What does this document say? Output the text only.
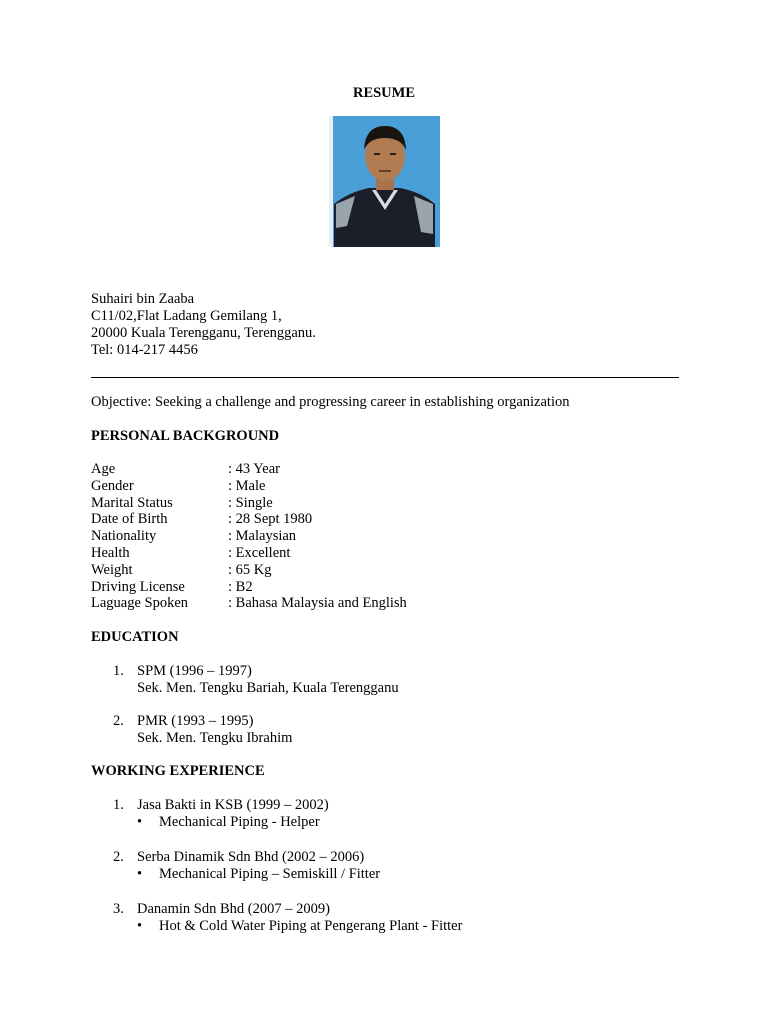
RESUME
Suhairi bin Zaaba
C11/02,Flat Ladang Gemilang 1,
20000 Kuala Terengganu, Terengganu.
Tel: 014-217 4456
Objective: Seeking a challenge and progressing career in establishing organization
PERSONAL BACKGROUND
Age	: 43 Year
Gender	: Male
Marital Status	: Single
Date of Birth	: 28 Sept 1980
Nationality	: Malaysian
Health	: Excellent
Weight	: 65 Kg
Driving License	: B2
Laguage Spoken	: Bahasa Malaysia and English
EDUCATION
1. SPM (1996 – 1997)
Sek. Men. Tengku Bariah, Kuala Terengganu
2. PMR (1993 – 1995)
Sek. Men. Tengku Ibrahim
WORKING EXPERIENCE
1. Jasa Bakti in KSB (1999 – 2002)
•	Mechanical Piping - Helper
2. Serba Dinamik Sdn Bhd (2002 – 2006)
•	Mechanical Piping – Semiskill / Fitter
3. Danamin Sdn Bhd (2007 – 2009)
•	Hot & Cold Water Piping at Pengerang Plant - Fitter
